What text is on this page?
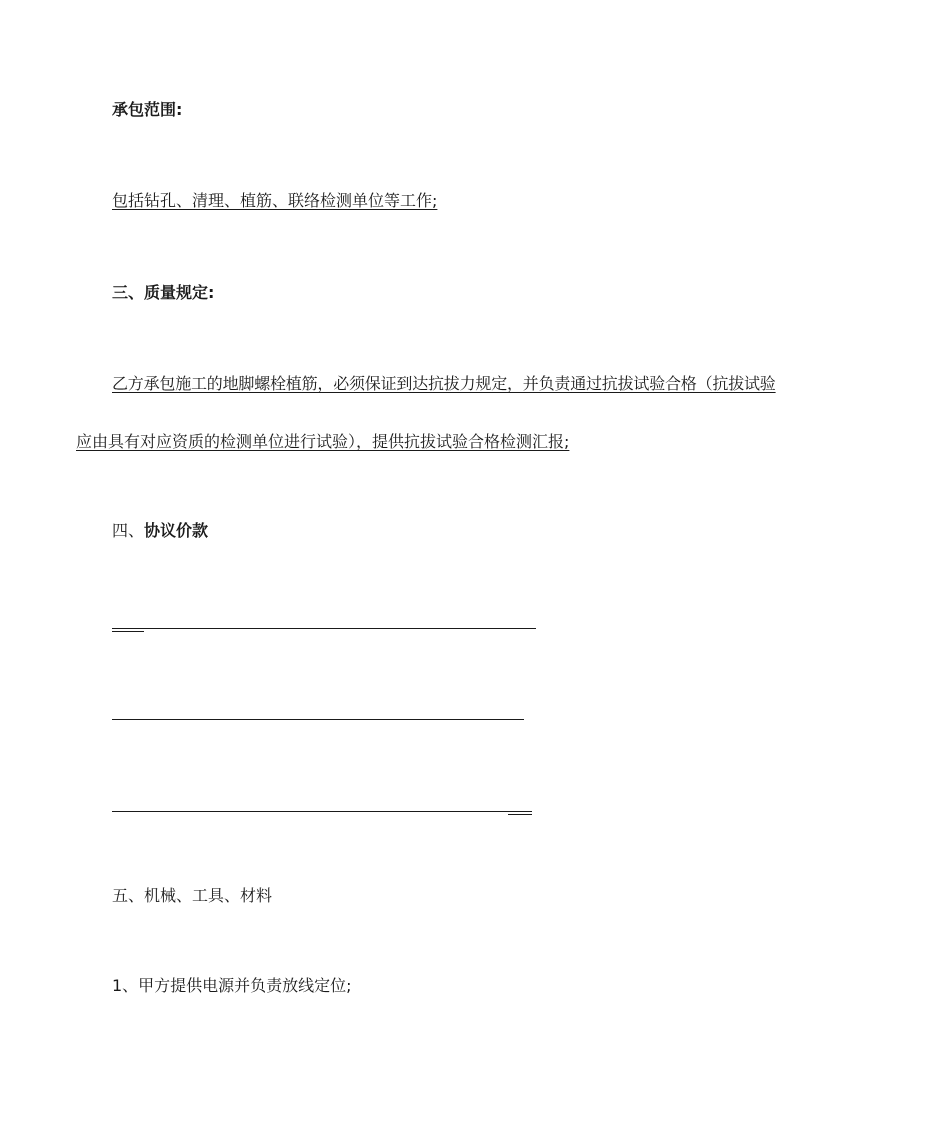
承包范围:
包括钻孔、清理、植筋、联络检测单位等工作;
三、质量规定:
乙方承包施工的地脚螺栓植筋，必须保证到达抗拔力规定，并负责通过抗拔试验合格（抗拔试验
应由具有对应资质的检测单位进行试验），提供抗拔试验合格检测汇报;
四、协议价款
五、机械、工具、材料
1、甲方提供电源并负责放线定位;
